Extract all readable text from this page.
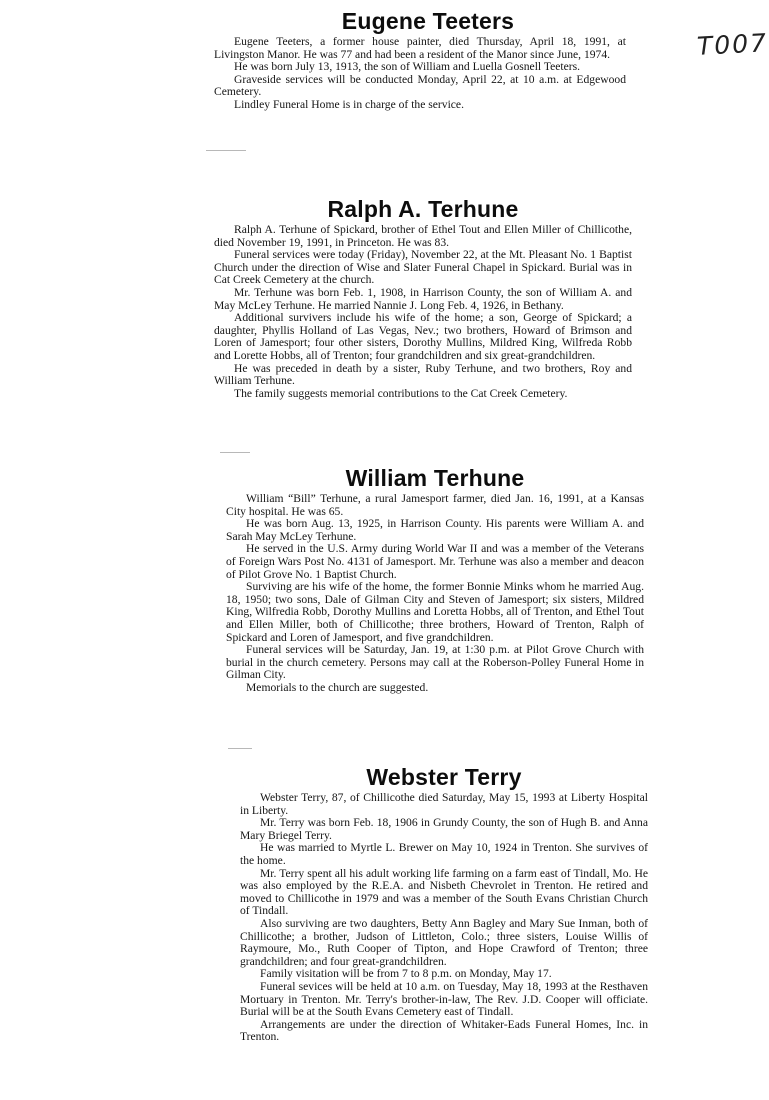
T007
Eugene Teeters

Eugene Teeters, a former house painter, died Thursday, April 18, 1991, at Livingston Manor. He was 77 and had been a resident of the Manor since June, 1974.

He was born July 13, 1913, the son of William and Luella Gosnell Teeters.

Graveside services will be conducted Monday, April 22, at 10 a.m. at Edgewood Cemetery.

Lindley Funeral Home is in charge of the service.

Ralph A. Terhune

Ralph A. Terhune of Spickard, brother of Ethel Tout and Ellen Miller of Chillicothe, died November 19, 1991, in Princeton. He was 83.

Funeral services were today (Friday), November 22, at the Mt. Pleasant No. 1 Baptist Church under the direction of Wise and Slater Funeral Chapel in Spickard. Burial was in Cat Creek Cemetery at the church.

Mr. Terhune was born Feb. 1, 1908, in Harrison County, the son of William A. and May McLey Terhune. He married Nannie J. Long Feb. 4, 1926, in Bethany.

Additional survivers include his wife of the home; a son, George of Spickard; a daughter, Phyllis Holland of Las Vegas, Nev.; two brothers, Howard of Brimson and Loren of Jamesport; four other sisters, Dorothy Mullins, Mildred King, Wilfreda Robb and Lorette Hobbs, all of Trenton; four grandchildren and six great-grandchildren.

He was preceded in death by a sister, Ruby Terhune, and two brothers, Roy and William Terhune.

The family suggests memorial contributions to the Cat Creek Cemetery.

William Terhune

William “Bill” Terhune, a rural Jamesport farmer, died Jan. 16, 1991, at a Kansas City hospital. He was 65.

He was born Aug. 13, 1925, in Harrison County. His parents were William A. and Sarah May McLey Terhune.

He served in the U.S. Army during World War II and was a member of the Veterans of Foreign Wars Post No. 4131 of Jamesport. Mr. Terhune was also a member and deacon of Pilot Grove No. 1 Baptist Church.

Surviving are his wife of the home, the former Bonnie Minks whom he married Aug. 18, 1950; two sons, Dale of Gilman City and Steven of Jamesport; six sisters, Mildred King, Wilfredia Robb, Dorothy Mullins and Loretta Hobbs, all of Trenton, and Ethel Tout and Ellen Miller, both of Chillicothe; three brothers, Howard of Trenton, Ralph of Spickard and Loren of Jamesport, and five grandchildren.

Funeral services will be Saturday, Jan. 19, at 1:30 p.m. at Pilot Grove Church with burial in the church cemetery. Persons may call at the Roberson-Polley Funeral Home in Gilman City.

Memorials to the church are suggested.

Webster Terry

Webster Terry, 87, of Chillicothe died Saturday, May 15, 1993 at Liberty Hospital in Liberty.

Mr. Terry was born Feb. 18, 1906 in Grundy County, the son of Hugh B. and Anna Mary Briegel Terry.

He was married to Myrtle L. Brewer on May 10, 1924 in Trenton. She survives of the home.

Mr. Terry spent all his adult working life farming on a farm east of Tindall, Mo. He was also employed by the R.E.A. and Nisbeth Chevrolet in Trenton. He retired and moved to Chillicothe in 1979 and was a member of the South Evans Christian Church of Tindall.

Also surviving are two daughters, Betty Ann Bagley and Mary Sue Inman, both of Chillicothe; a brother, Judson of Littleton, Colo.; three sisters, Louise Willis of Raymoure, Mo., Ruth Cooper of Tipton, and Hope Crawford of Trenton; three grandchildren; and four great-grandchildren.

Family visitation will be from 7 to 8 p.m. on Monday, May 17.

Funeral sevices will be held at 10 a.m. on Tuesday, May 18, 1993 at the Resthaven Mortuary in Trenton. Mr. Terry's brother-in-law, The Rev. J.D. Cooper will officiate. Burial will be at the South Evans Cemetery east of Tindall.

Arrangements are under the direction of Whitaker-Eads Funeral Homes, Inc. in Trenton.
